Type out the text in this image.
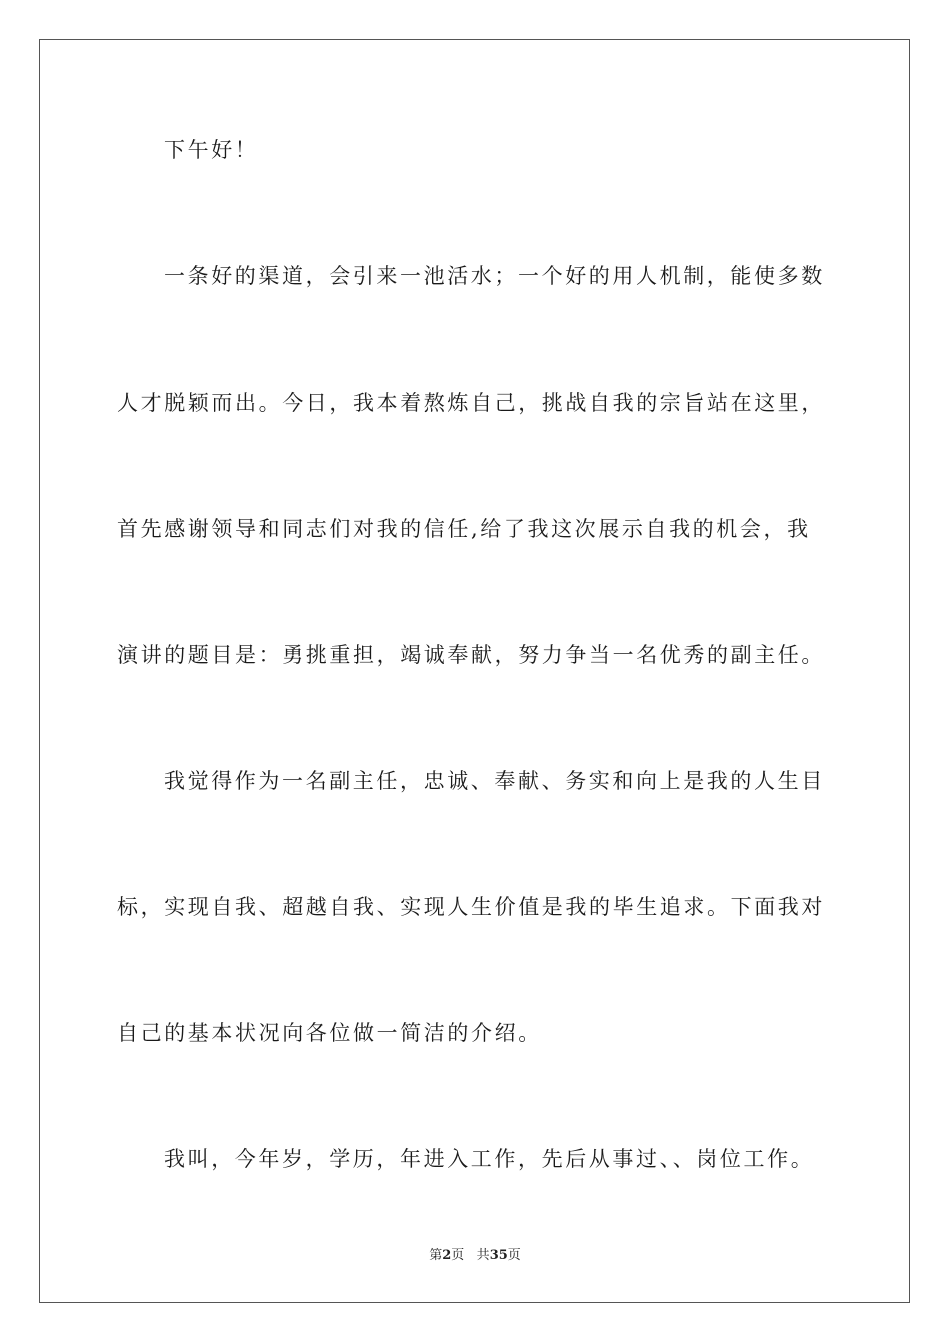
下午好！
一条好的渠道，会引来一池活水；一个好的用人机制，能使多数
人才脱颖而出。今日，我本着熬炼自己，挑战自我的宗旨站在这里，
首先感谢领导和同志们对我的信任,给了我这次展示自我的机会，我
演讲的题目是：勇挑重担，竭诚奉献，努力争当一名优秀的副主任。
我觉得作为一名副主任，忠诚、奉献、务实和向上是我的人生目
标，实现自我、超越自我、实现人生价值是我的毕生追求。下面我对
自己的基本状况向各位做一简洁的介绍。
我叫，今年岁，学历，年进入工作，先后从事过、、岗位工作。
第2页 共35页
